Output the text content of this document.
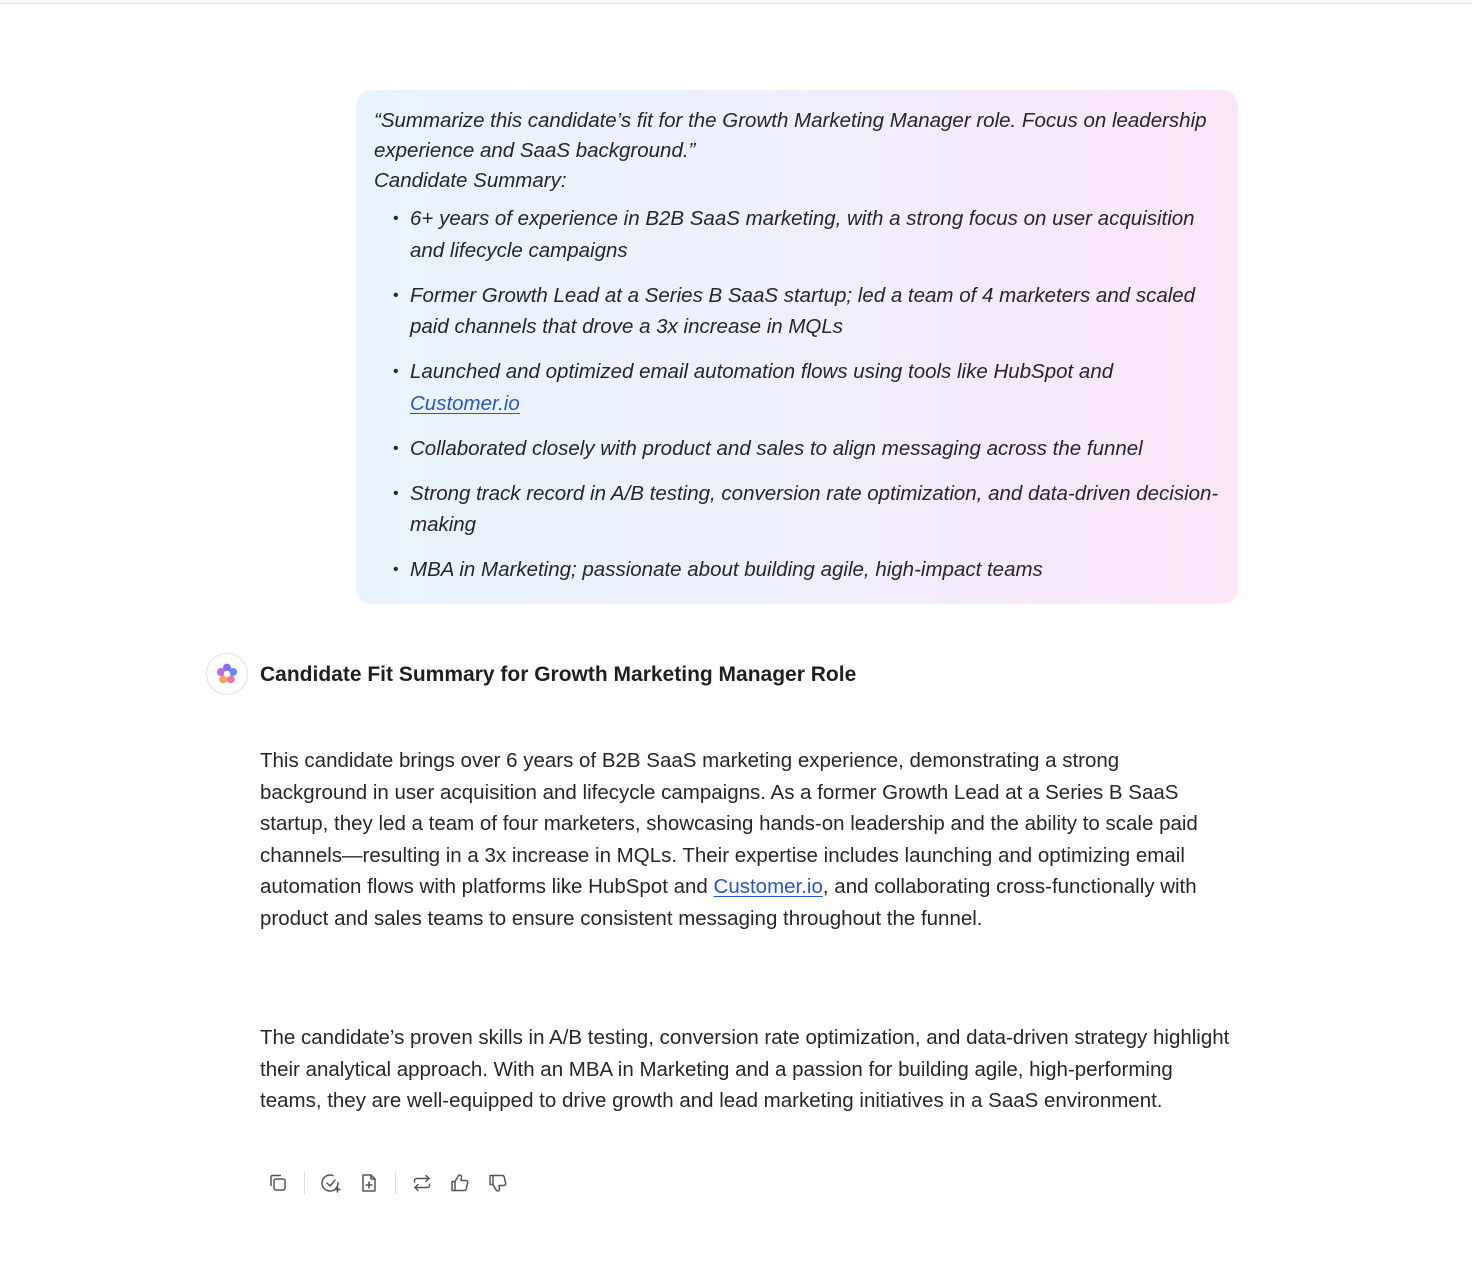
“Summarize this candidate’s fit for the Growth Marketing Manager role. Focus on leadership experience and SaaS background.”

Candidate Summary:

• 6+ years of experience in B2B SaaS marketing, with a strong focus on user acquisition and lifecycle campaigns
• Former Growth Lead at a Series B SaaS startup; led a team of 4 marketers and scaled paid channels that drove a 3x increase in MQLs
• Launched and optimized email automation flows using tools like HubSpot and Customer.io
• Collaborated closely with product and sales to align messaging across the funnel
• Strong track record in A/B testing, conversion rate optimization, and data-driven decision-making
• MBA in Marketing; passionate about building agile, high-impact teams
Candidate Fit Summary for Growth Marketing Manager Role

This candidate brings over 6 years of B2B SaaS marketing experience, demonstrating a strong background in user acquisition and lifecycle campaigns. As a former Growth Lead at a Series B SaaS startup, they led a team of four marketers, showcasing hands-on leadership and the ability to scale paid channels—resulting in a 3x increase in MQLs. Their expertise includes launching and optimizing email automation flows with platforms like HubSpot and Customer.io, and collaborating cross-functionally with product and sales teams to ensure consistent messaging throughout the funnel.

The candidate’s proven skills in A/B testing, conversion rate optimization, and data-driven strategy highlight their analytical approach. With an MBA in Marketing and a passion for building agile, high-performing teams, they are well-equipped to drive growth and lead marketing initiatives in a SaaS environment.
